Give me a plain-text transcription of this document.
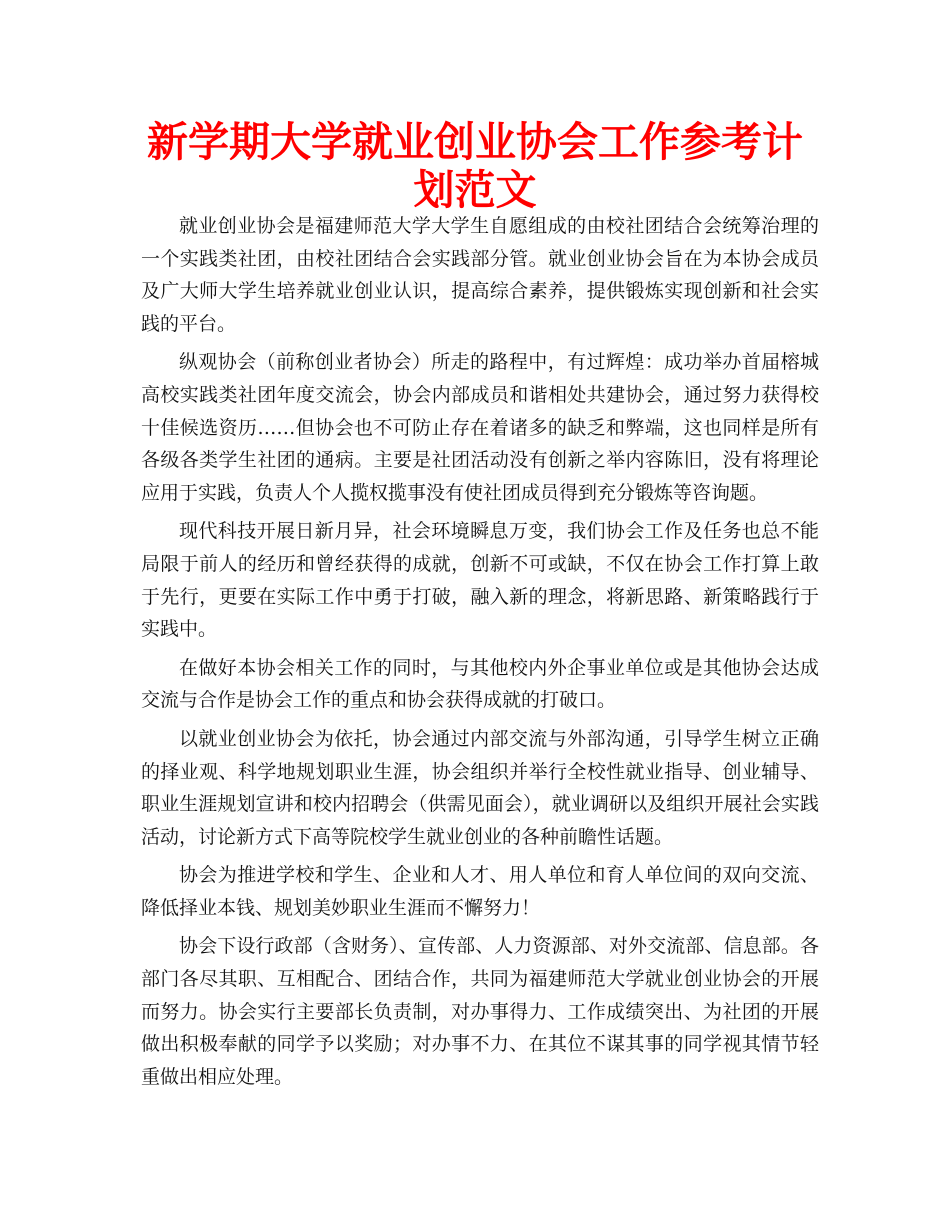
新学期大学就业创业协会工作参考计划范文

就业创业协会是福建师范大学大学生自愿组成的由校社团结合会统筹治理的一个实践类社团，由校社团结合会实践部分管。就业创业协会旨在为本协会成员及广大师大学生培养就业创业认识，提高综合素养，提供锻炼实现创新和社会实践的平台。

纵观协会（前称创业者协会）所走的路程中，有过辉煌：成功举办首届榕城高校实践类社团年度交流会，协会内部成员和谐相处共建协会，通过努力获得校十佳候选资历……但协会也不可防止存在着诸多的缺乏和弊端，这也同样是所有各级各类学生社团的通病。主要是社团活动没有创新之举内容陈旧，没有将理论应用于实践，负责人个人揽权揽事没有使社团成员得到充分锻炼等咨询题。

现代科技开展日新月异，社会环境瞬息万变，我们协会工作及任务也总不能局限于前人的经历和曾经获得的成就，创新不可或缺，不仅在协会工作打算上敢于先行，更要在实际工作中勇于打破，融入新的理念，将新思路、新策略践行于实践中。

在做好本协会相关工作的同时，与其他校内外企事业单位或是其他协会达成交流与合作是协会工作的重点和协会获得成就的打破口。

以就业创业协会为依托，协会通过内部交流与外部沟通，引导学生树立正确的择业观、科学地规划职业生涯，协会组织并举行全校性就业指导、创业辅导、职业生涯规划宣讲和校内招聘会（供需见面会），就业调研以及组织开展社会实践活动，讨论新方式下高等院校学生就业创业的各种前瞻性话题。

协会为推进学校和学生、企业和人才、用人单位和育人单位间的双向交流、降低择业本钱、规划美妙职业生涯而不懈努力！

协会下设行政部（含财务）、宣传部、人力资源部、对外交流部、信息部。各部门各尽其职、互相配合、团结合作，共同为福建师范大学就业创业协会的开展而努力。协会实行主要部长负责制，对办事得力、工作成绩突出、为社团的开展做出积极奉献的同学予以奖励；对办事不力、在其位不谋其事的同学视其情节轻重做出相应处理。
